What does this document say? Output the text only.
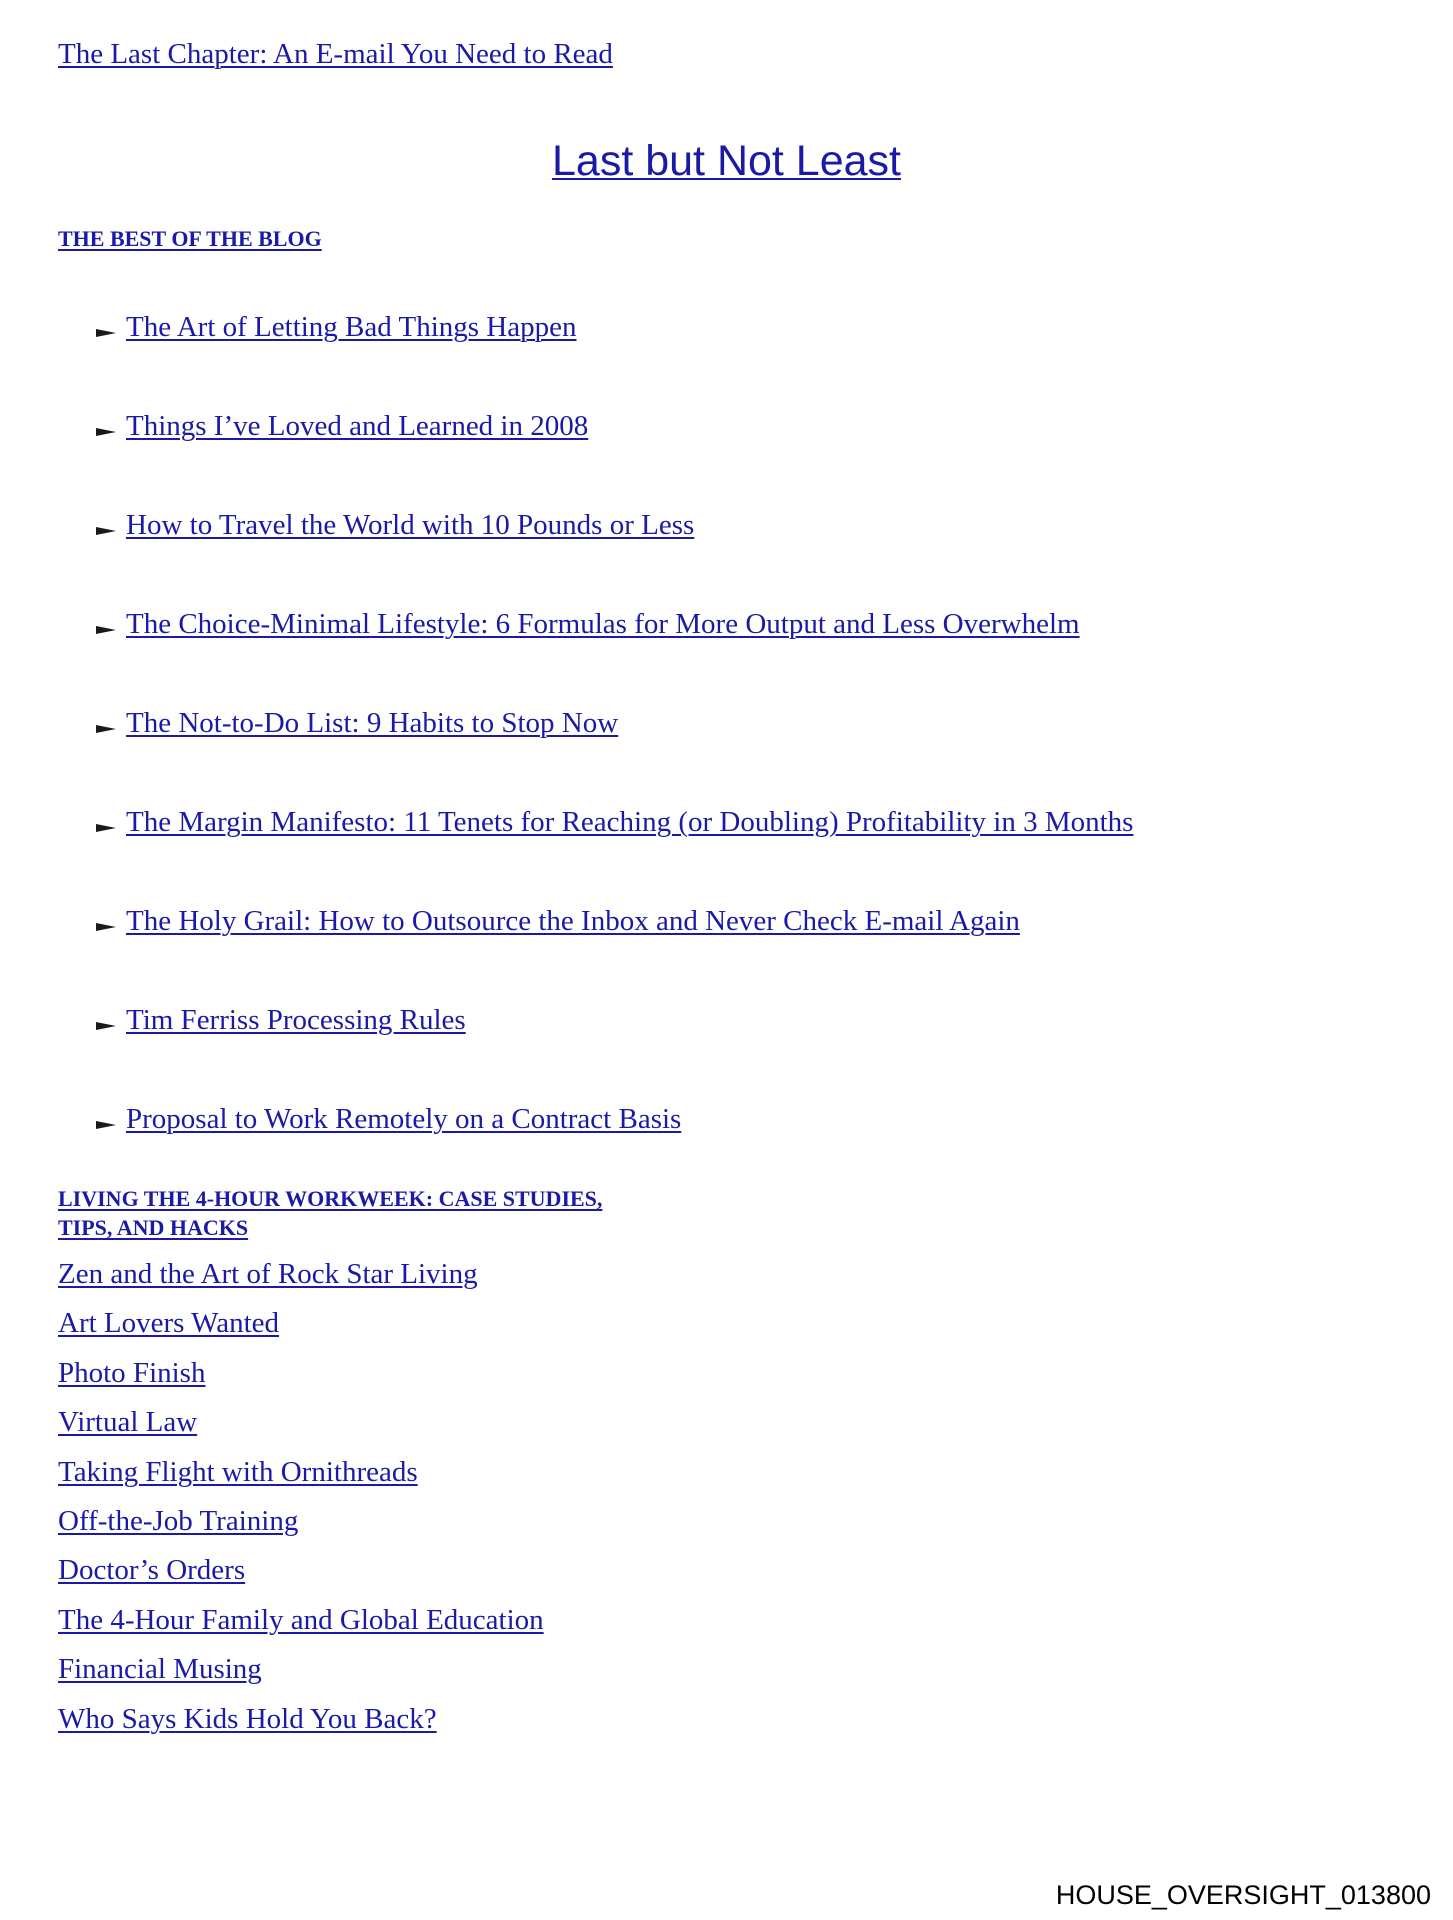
The Last Chapter: An E-mail You Need to Read
Last but Not Least
THE BEST OF THE BLOG
The Art of Letting Bad Things Happen
Things I’ve Loved and Learned in 2008
How to Travel the World with 10 Pounds or Less
The Choice-Minimal Lifestyle: 6 Formulas for More Output and Less Overwhelm
The Not-to-Do List: 9 Habits to Stop Now
The Margin Manifesto: 11 Tenets for Reaching (or Doubling) Profitability in 3 Months
The Holy Grail: How to Outsource the Inbox and Never Check E-mail Again
Tim Ferriss Processing Rules
Proposal to Work Remotely on a Contract Basis
LIVING THE 4-HOUR WORKWEEK: CASE STUDIES,
TIPS, AND HACKS
Zen and the Art of Rock Star Living
Art Lovers Wanted
Photo Finish
Virtual Law
Taking Flight with Ornithreads
Off-the-Job Training
Doctor’s Orders
The 4-Hour Family and Global Education
Financial Musing
Who Says Kids Hold You Back?
HOUSE_OVERSIGHT_013800
